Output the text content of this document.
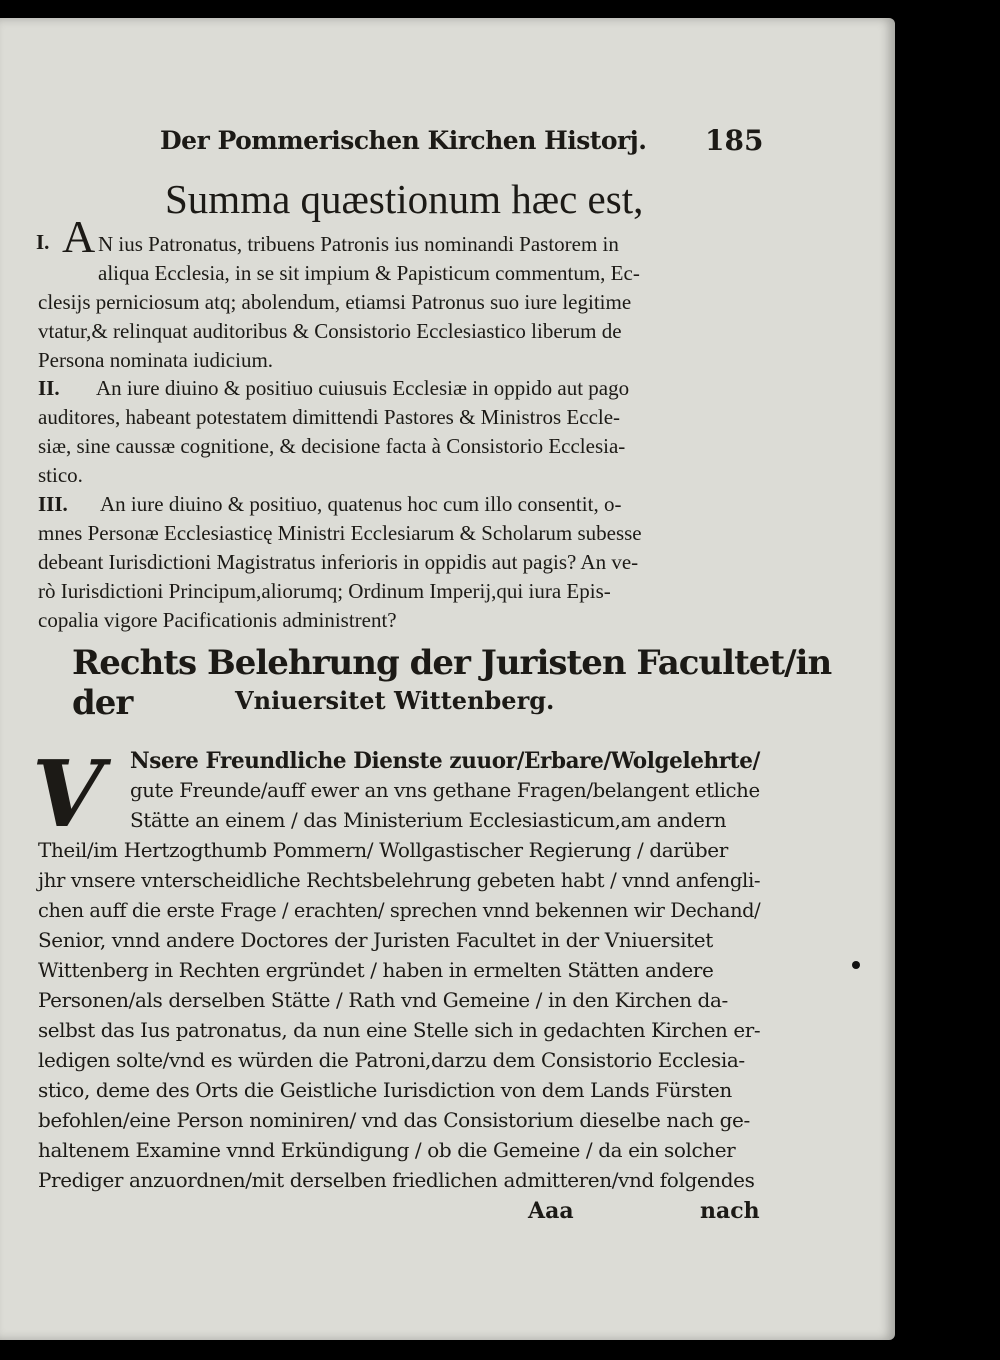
Der Pommerischen Kirchen Historj. 185
Summa quæstionum hæc est,
I. A N ius Patronatus, tribuens Patronis ius nominandi Pastorem in
aliqua Ecclesia, in se sit impium & Papisticum commentum, Ec-
clesijs perniciosum atq; abolendum, etiamsi Patronus suo iure legitime
vtatur,& relinquat auditoribus & Consistorio Ecclesiastico liberum de
Persona nominata iudicium.
II. An iure diuino & positiuo cuiusuis Ecclesiæ in oppido aut pago
auditores, habeant potestatem dimittendi Pastores & Ministros Eccle-
siæ, sine caussæ cognitione, & decisione facta à Consistorio Ecclesia-
stico.
III. An iure diuino & positiuo, quatenus hoc cum illo consentit, o-
mnes Personæ Ecclesiasticę Ministri Ecclesiarum & Scholarum subesse
debeant Iurisdictioni Magistratus inferioris in oppidis aut pagis? An ve-
rò Iurisdictioni Principum,aliorumq; Ordinum Imperij,qui iura Epis-
copalia vigore Pacificationis administrent?
Rechts Belehrung der Juristen Facultet/in der	Vniuersitet Wittenberg.
V	Nsere Freundliche Dienste zuuor/Erbare/Wolgelehrte/
gute Freunde/auff ewer an vns gethane Fragen/belangent etliche
Stätte an einem / das Ministerium Ecclesiasticum,am andern
Theil/im Hertzogthumb Pommern/ Wollgastischer Regierung / darüber
jhr vnsere vnterscheidliche Rechtsbelehrung gebeten habt / vnnd anfengli-
chen auff die erste Frage / erachten/ sprechen vnnd bekennen wir Dechand/
Senior, vnnd andere Doctores der Juristen Facultet in der Vniuersitet
Wittenberg in Rechten ergründet / haben in ermelten Stätten andere
Personen/als derselben Stätte / Rath vnd Gemeine / in den Kirchen da-
selbst das Ius patronatus, da nun eine Stelle sich in gedachten Kirchen er-
ledigen solte/vnd es würden die Patroni,darzu dem Consistorio Ecclesia-
stico, deme des Orts die Geistliche Iurisdiction von dem Lands Fürsten
befohlen/eine Person nominiren/ vnd das Consistorium dieselbe nach ge-
haltenem Examine vnnd Erkündigung / ob die Gemeine / da ein solcher
Prediger anzuordnen/mit derselben friedlichen admitteren/vnd folgendes
Aaa	nach
